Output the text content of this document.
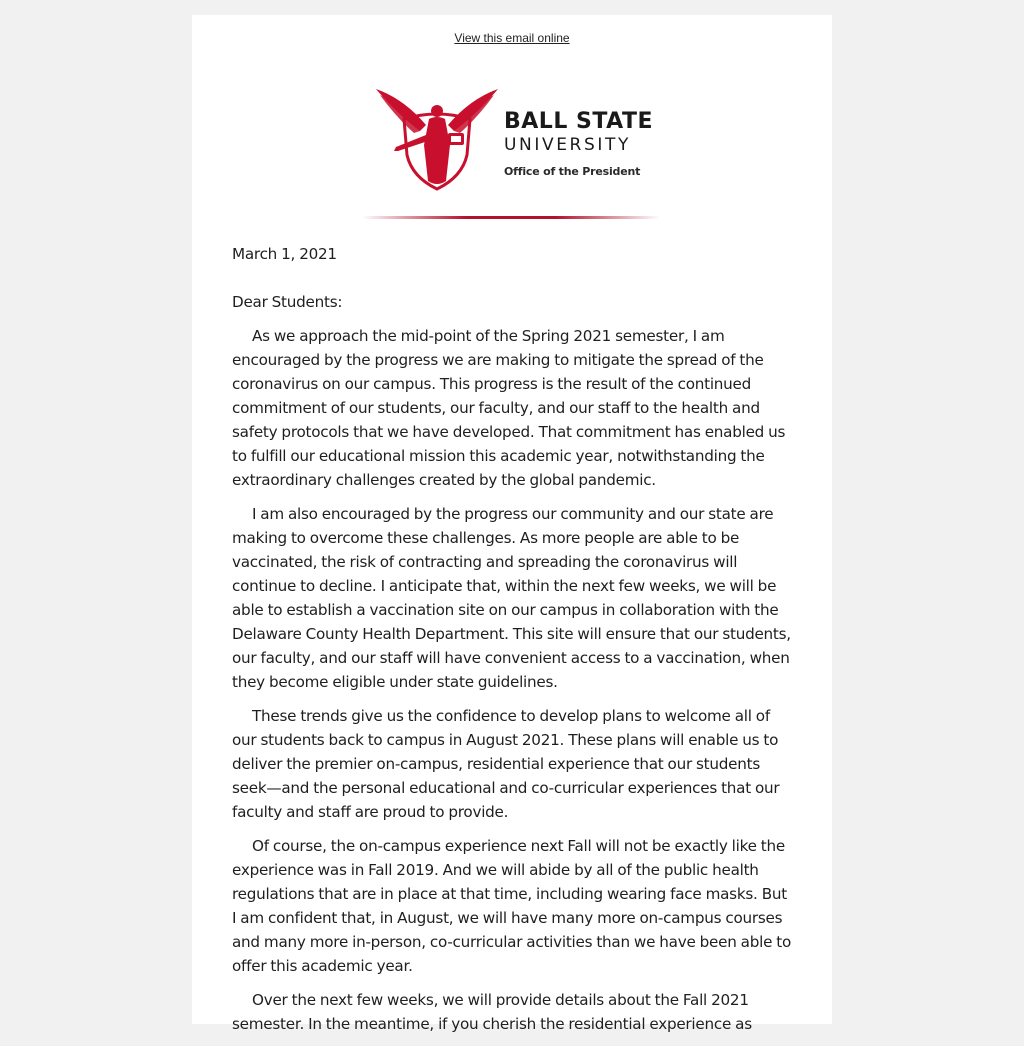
View this email online
BALL STATE
UNIVERSITY
Office of the President

March 1, 2021

Dear Students:

As we approach the mid-point of the Spring 2021 semester, I am encouraged by the progress we are making to mitigate the spread of the coronavirus on our campus. This progress is the result of the continued commitment of our students, our faculty, and our staff to the health and safety protocols that we have developed. That commitment has enabled us to fulfill our educational mission this academic year, notwithstanding the extraordinary challenges created by the global pandemic.

I am also encouraged by the progress our community and our state are making to overcome these challenges. As more people are able to be vaccinated, the risk of contracting and spreading the coronavirus will continue to decline. I anticipate that, within the next few weeks, we will be able to establish a vaccination site on our campus in collaboration with the Delaware County Health Department. This site will ensure that our students, our faculty, and our staff will have convenient access to a vaccination, when they become eligible under state guidelines.

These trends give us the confidence to develop plans to welcome all of our students back to campus in August 2021. These plans will enable us to deliver the premier on-campus, residential experience that our students seek—and the personal educational and co-curricular experiences that our faculty and staff are proud to provide.

Of course, the on-campus experience next Fall will not be exactly like the experience was in Fall 2019. And we will abide by all of the public health regulations that are in place at that time, including wearing face masks. But I am confident that, in August, we will have many more on-campus courses and many more in-person, co-curricular activities than we have been able to offer this academic year.

Over the next few weeks, we will provide details about the Fall 2021 semester. In the meantime, if you cherish the residential experience as
